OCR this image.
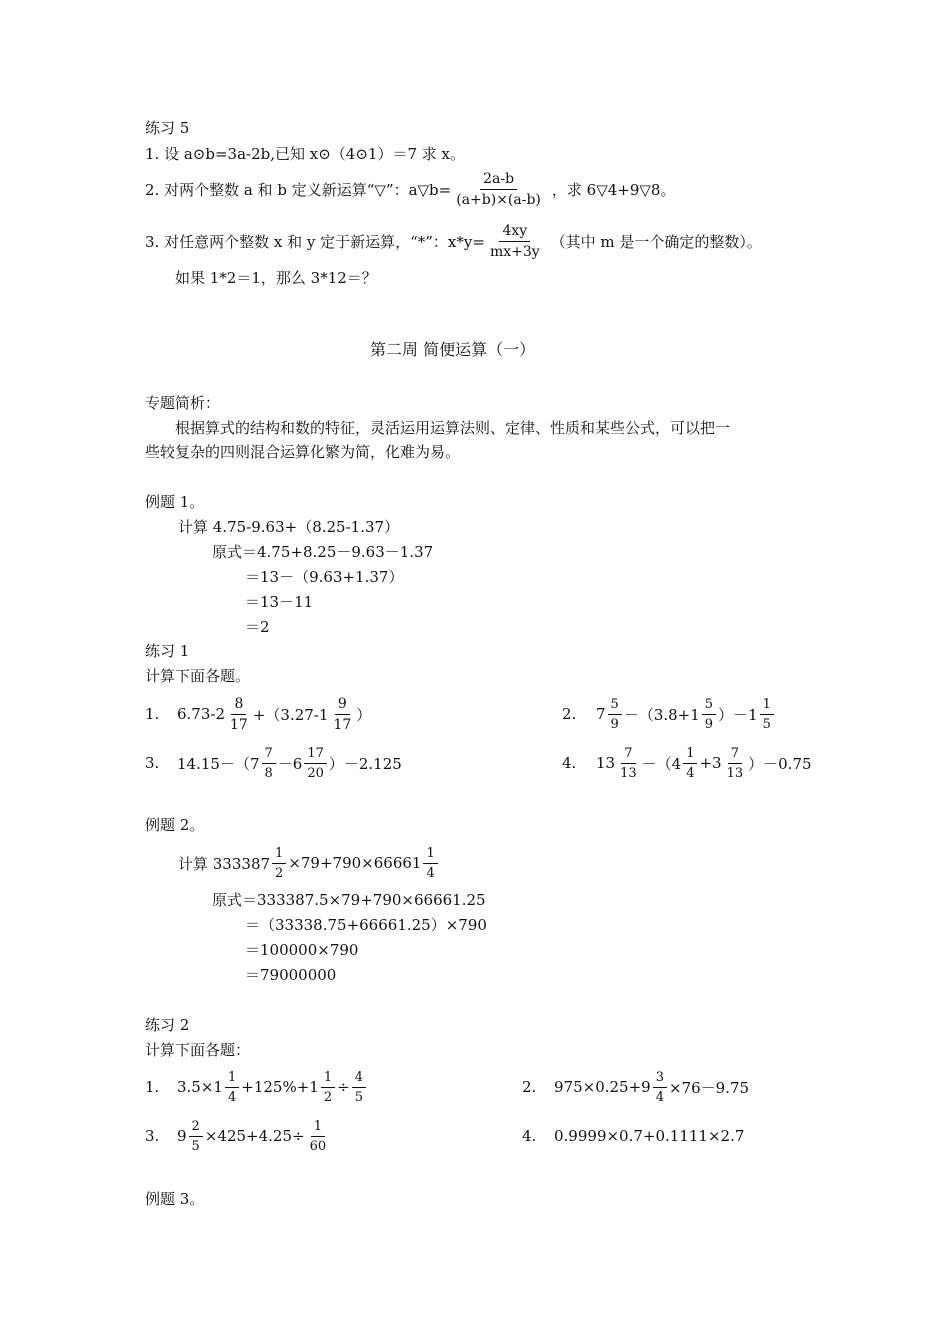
练习 5
1. 设 a⊙b=3a-2b,已知 x⊙（4⊙1）＝7 求 x。
2. 对两个整数 a 和 b 定义新运算“▽”：a▽b= $\frac{2a-b}{(a+b)\times(a-b)}$ ，求 6▽4+9▽8。
3. 对任意两个整数 x 和 y 定于新运算，“*”：$x*y= \frac{4xy}{mx+3y}$ （其中 m 是一个确定的整数）。
如果 1*2＝1，那么 3*12＝？
第二周 简便运算（一）
专题简析：
根据算式的结构和数的特征，灵活运用运算法则、定律、性质和某些公式，可以把一
些较复杂的四则混合运算化繁为简，化难为易。
例题 1。
计算 4.75-9.63+（8.25-1.37）
原式＝4.75+8.25－9.63－1.37
＝13－（9.63+1.37）
＝13－11
＝2
练习 1
计算下面各题。
1.	$6.73-2 \frac{8}{17} +(3.27-1 \frac{9}{17}$ ）	2.	$7 \frac{5}{9} -(3.8+1 \frac{5}{9} )-1 \frac{1}{5}$
3.	$14.15-(7 \frac{7}{8} -6 \frac{17}{20} )-2.125$	4.	$13 \frac{7}{13} -(4 \frac{1}{4} +3 \frac{7}{13} )-0.75$
例题 2。
计算 $333387 \frac{1}{2} \times 79+790\times 66661 \frac{1}{4}$
原式＝333387.5×79+790×66661.25
＝（33338.75+66661.25）×790
＝100000×790
＝79000000
练习 2
计算下面各题：
1.	$3.5\times 1 \frac{1}{4} +125\%+1 \frac{1}{2} \div \frac{4}{5}$	2.	$975\times 0.25+9 \frac{3}{4} \times 76-9.75$
3.	$9 \frac{2}{5} \times 425+4.25\div \frac{1}{60}$	4.	0.9999×0.7+0.1111×2.7
例题 3。
